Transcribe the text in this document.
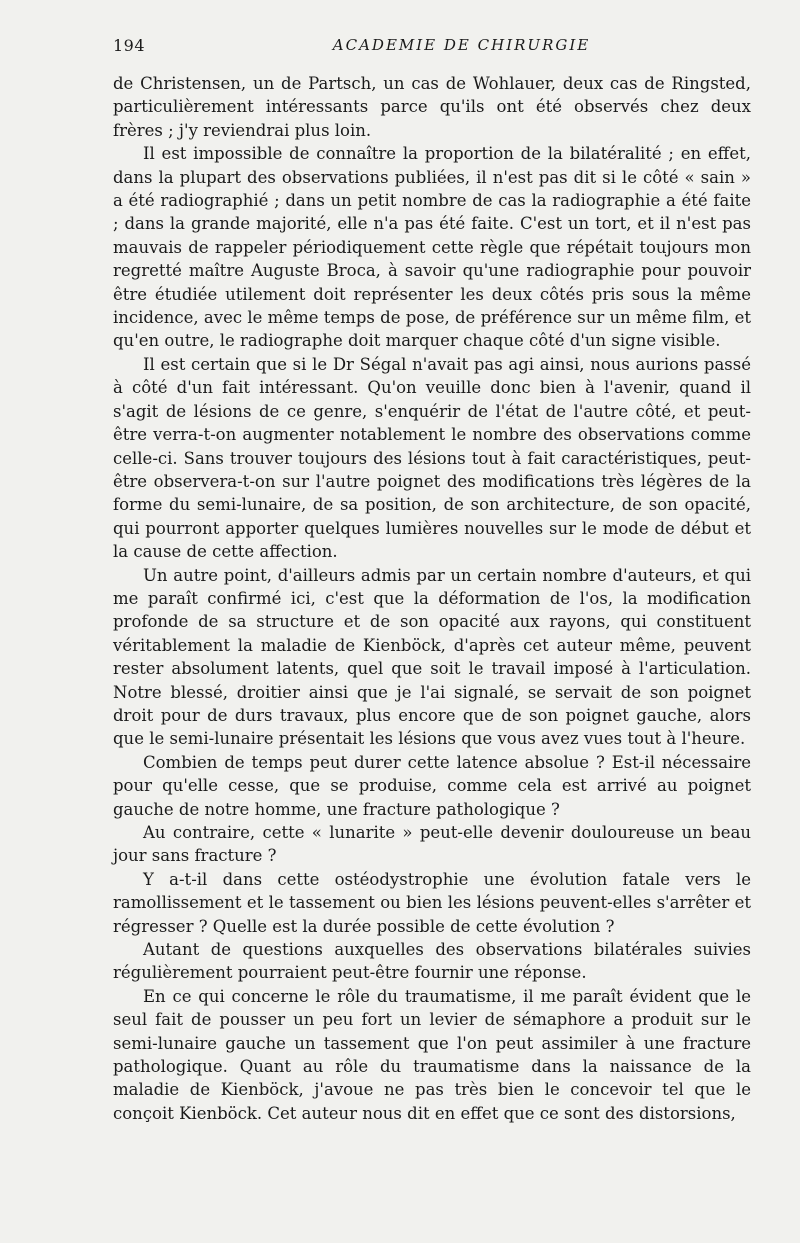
194	ACADEMIE DE CHIRURGIE

de Christensen, un de Partsch, un cas de Wohlauer, deux cas de Ringsted, particulièrement intéressants parce qu'ils ont été observés chez deux frères ; j'y reviendrai plus loin.

Il est impossible de connaître la proportion de la bilatéralité ; en effet, dans la plupart des observations publiées, il n'est pas dit si le côté « sain » a été radiographié ; dans un petit nombre de cas la radiographie a été faite ; dans la grande majorité, elle n'a pas été faite. C'est un tort, et il n'est pas mauvais de rappeler périodiquement cette règle que répétait toujours mon regretté maître Auguste Broca, à savoir qu'une radiographie pour pouvoir être étudiée utilement doit représenter les deux côtés pris sous la même incidence, avec le même temps de pose, de préférence sur un même film, et qu'en outre, le radiographe doit marquer chaque côté d'un signe visible.

Il est certain que si le Dr Ségal n'avait pas agi ainsi, nous aurions passé à côté d'un fait intéressant. Qu'on veuille donc bien à l'avenir, quand il s'agit de lésions de ce genre, s'enquérir de l'état de l'autre côté, et peut-être verra-t-on augmenter notablement le nombre des observations comme celle-ci. Sans trouver toujours des lésions tout à fait caractéristiques, peut-être observera-t-on sur l'autre poignet des modifications très légères de la forme du semi-lunaire, de sa position, de son architecture, de son opacité, qui pourront apporter quelques lumières nouvelles sur le mode de début et la cause de cette affection.

Un autre point, d'ailleurs admis par un certain nombre d'auteurs, et qui me paraît confirmé ici, c'est que la déformation de l'os, la modification profonde de sa structure et de son opacité aux rayons, qui constituent véritablement la maladie de Kienböck, d'après cet auteur même, peuvent rester absolument latents, quel que soit le travail imposé à l'articulation. Notre blessé, droitier ainsi que je l'ai signalé, se servait de son poignet droit pour de durs travaux, plus encore que de son poignet gauche, alors que le semi-lunaire présentait les lésions que vous avez vues tout à l'heure.

Combien de temps peut durer cette latence absolue ? Est-il nécessaire pour qu'elle cesse, que se produise, comme cela est arrivé au poignet gauche de notre homme, une fracture pathologique ?

Au contraire, cette « lunarite » peut-elle devenir douloureuse un beau jour sans fracture ?

Y a-t-il dans cette ostéodystrophie une évolution fatale vers le ramollissement et le tassement ou bien les lésions peuvent-elles s'arrêter et régresser ? Quelle est la durée possible de cette évolution ?

Autant de questions auxquelles des observations bilatérales suivies régulièrement pourraient peut-être fournir une réponse.

En ce qui concerne le rôle du traumatisme, il me paraît évident que le seul fait de pousser un peu fort un levier de sémaphore a produit sur le semi-lunaire gauche un tassement que l'on peut assimiler à une fracture pathologique. Quant au rôle du traumatisme dans la naissance de la maladie de Kienböck, j'avoue ne pas très bien le concevoir tel que le conçoit Kienböck. Cet auteur nous dit en effet que ce sont des distorsions,
